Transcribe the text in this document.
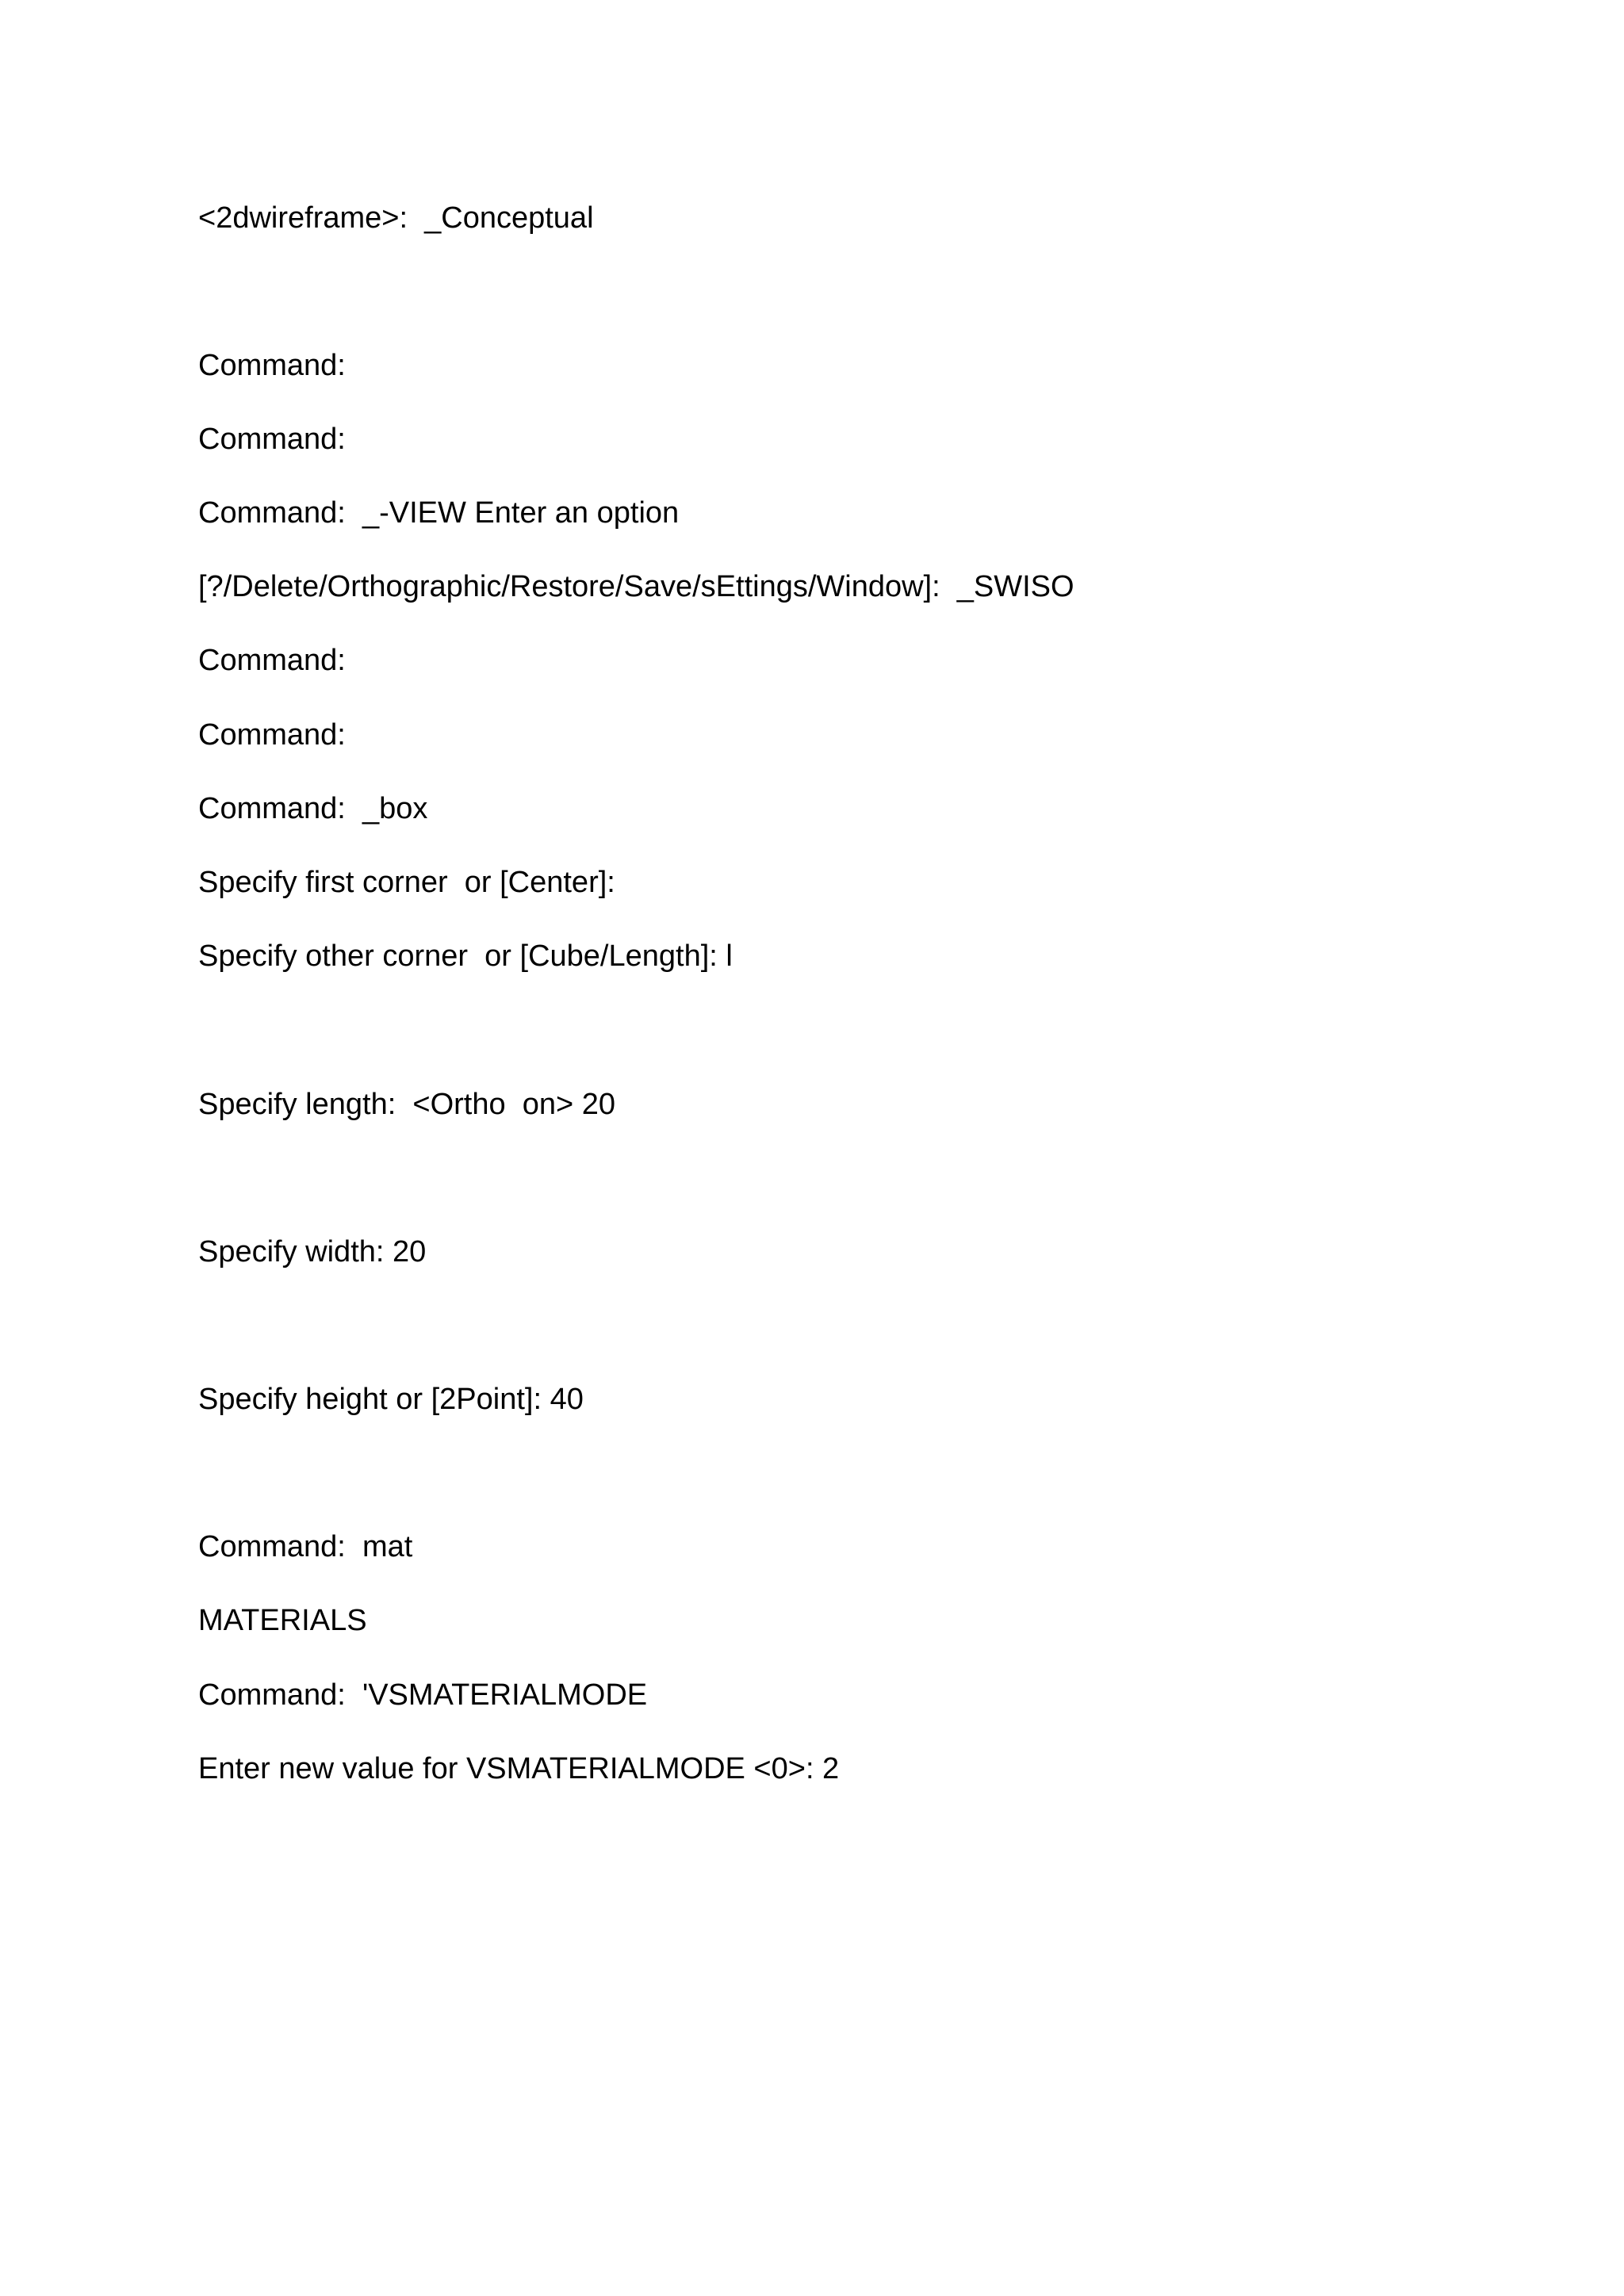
<2dwireframe>:  _Conceptual
Command:
Command:
Command:  _-VIEW Enter an option
[?/Delete/Orthographic/Restore/Save/sEttings/Window]:  _SWISO
Command:
Command:
Command:  _box
Specify first corner  or [Center]:
Specify other corner  or [Cube/Length]: l
Specify length:  <Ortho  on> 20
Specify width: 20
Specify height or [2Point]: 40
Command:  mat
MATERIALS
Command:  'VSMATERIALMODE
Enter new value for VSMATERIALMODE <0>: 2
